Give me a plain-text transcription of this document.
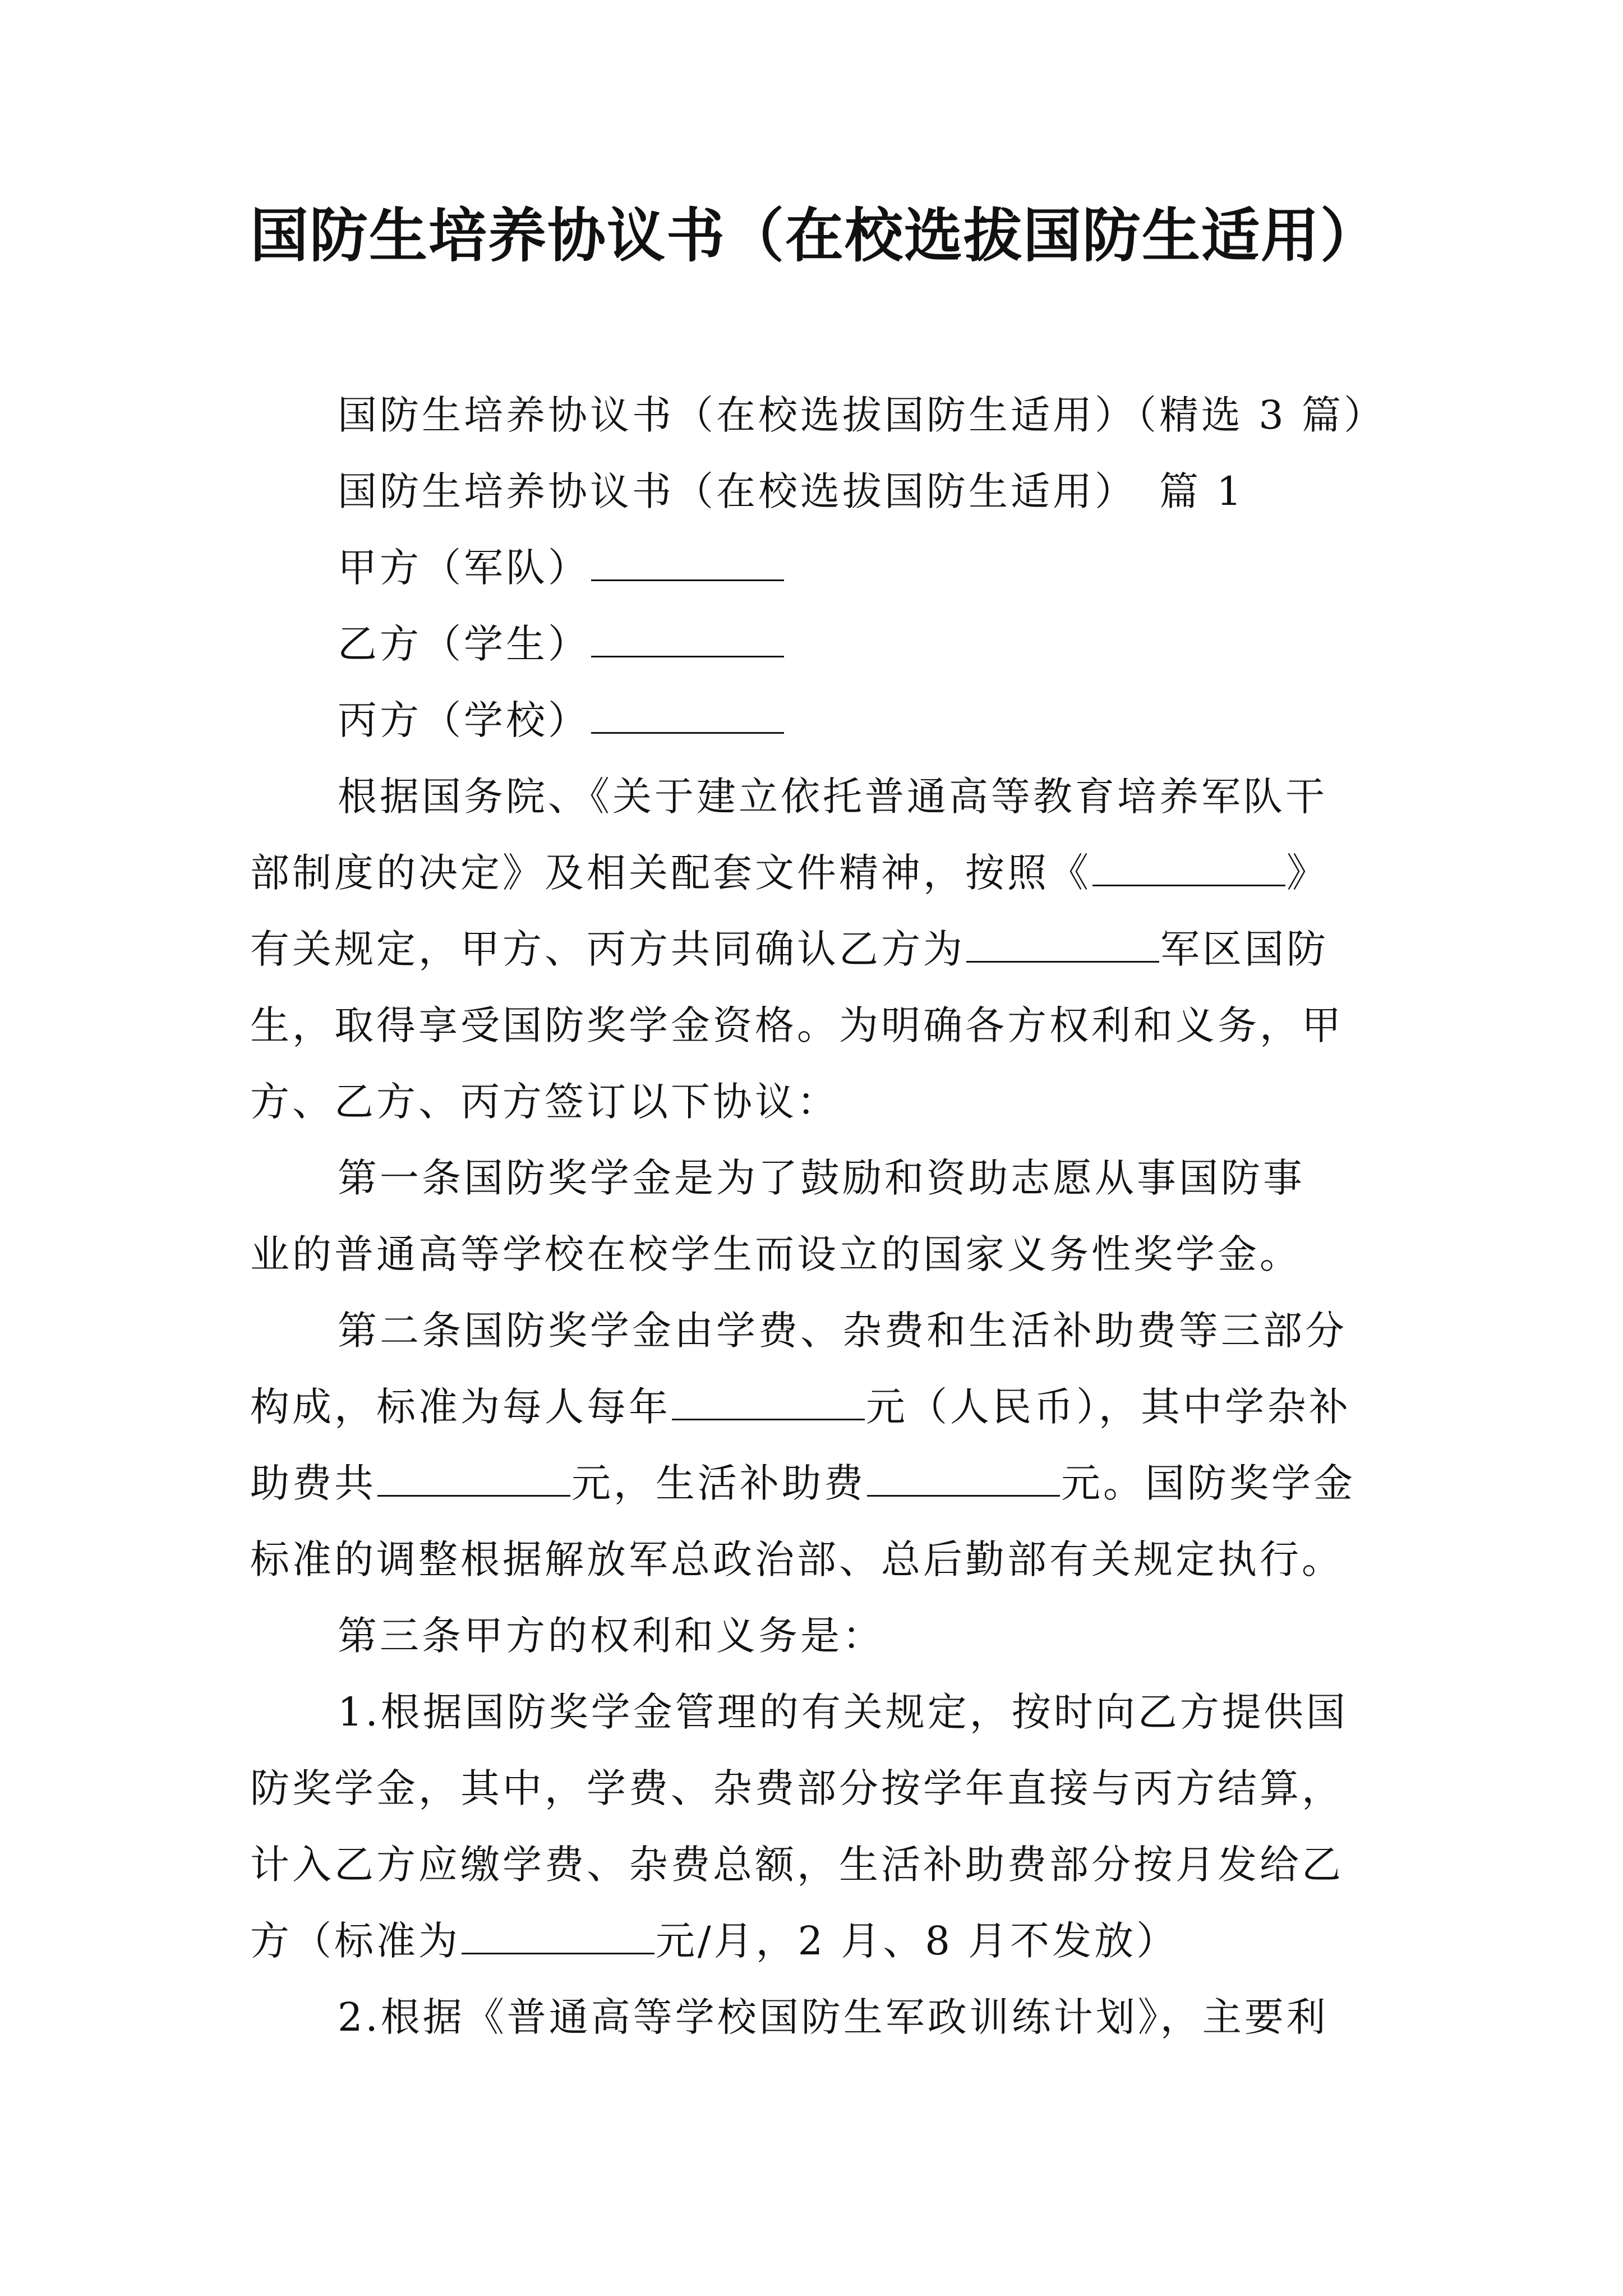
国防生培养协议书（在校选拔国防生适用）
国防生培养协议书（在校选拔国防生适用）（精选 3 篇）
国防生培养协议书（在校选拔国防生适用）　篇 1
甲方（军队）
乙方（学生）
丙方（学校）
根据国务院、《关于建立依托普通高等教育培养军队干
部制度的决定》及相关配套文件精神，按照《	》
有关规定，甲方、丙方共同确认乙方为	军区国防
生，取得享受国防奖学金资格。为明确各方权利和义务，甲
方、乙方、丙方签订以下协议：
第一条国防奖学金是为了鼓励和资助志愿从事国防事
业的普通高等学校在校学生而设立的国家义务性奖学金。
第二条国防奖学金由学费、杂费和生活补助费等三部分
构成，标准为每人每年	元（人民币），其中学杂补
助费共	元，生活补助费	元。国防奖学金
标准的调整根据解放军总政治部、总后勤部有关规定执行。
第三条甲方的权利和义务是：
1.根据国防奖学金管理的有关规定，按时向乙方提供国
防奖学金，其中，学费、杂费部分按学年直接与丙方结算，
计入乙方应缴学费、杂费总额，生活补助费部分按月发给乙
方（标准为	元/月，2 月、8 月不发放）
2.根据《普通高等学校国防生军政训练计划》，主要利
